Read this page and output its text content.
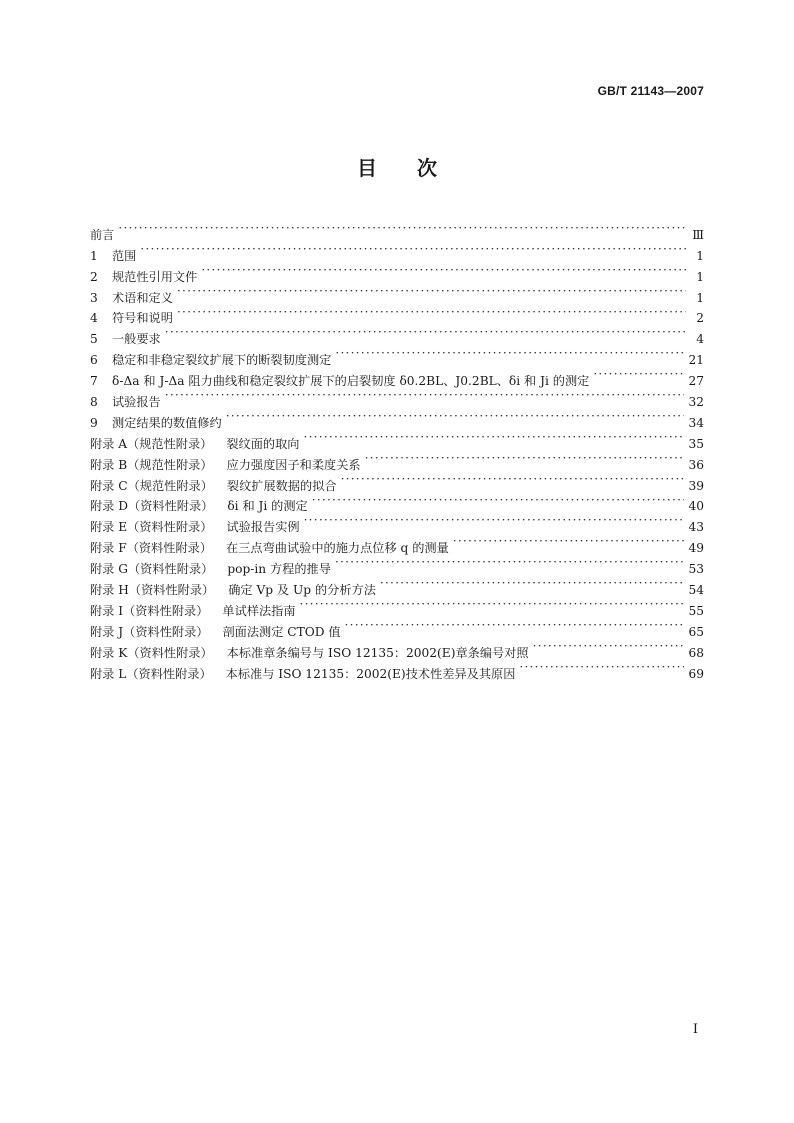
GB/T 21143—2007
目 次
前言 ·····	Ⅲ
1	范围 ·····	1
2	规范性引用文件 ·····	1
3	术语和定义 ·····	1
4	符号和说明 ·····	2
5	一般要求 ·····	4
6	稳定和非稳定裂纹扩展下的断裂韧度测定 ·····	21
7	δ-Δa 和 J-Δa 阻力曲线和稳定裂纹扩展下的启裂韧度 δ0.2BL、J0.2BL、δi 和 Ji 的测定 ·····	27
8	试验报告 ·····	32
9	测定结果的数值修约 ·····	34
附录 A（规范性附录） 裂纹面的取向 ·····	35
附录 B（规范性附录） 应力强度因子和柔度关系 ·····	36
附录 C（规范性附录） 裂纹扩展数据的拟合 ·····	39
附录 D（资料性附录） δi 和 Ji 的测定 ·····	40
附录 E（资料性附录） 试验报告实例 ·····	43
附录 F（资料性附录） 在三点弯曲试验中的施力点位移 q 的测量 ·····	49
附录 G（资料性附录） pop-in 方程的推导 ·····	53
附录 H（资料性附录） 确定 Vp 及 Up 的分析方法 ·····	54
附录 I（资料性附录） 单试样法指南 ·····	55
附录 J（资料性附录） 剖面法测定 CTOD 值 ·····	65
附录 K（资料性附录） 本标准章条编号与 ISO 12135：2002(E)章条编号对照 ·····	68
附录 L（资料性附录） 本标准与 ISO 12135：2002(E)技术性差异及其原因 ·····	69
Ⅰ
